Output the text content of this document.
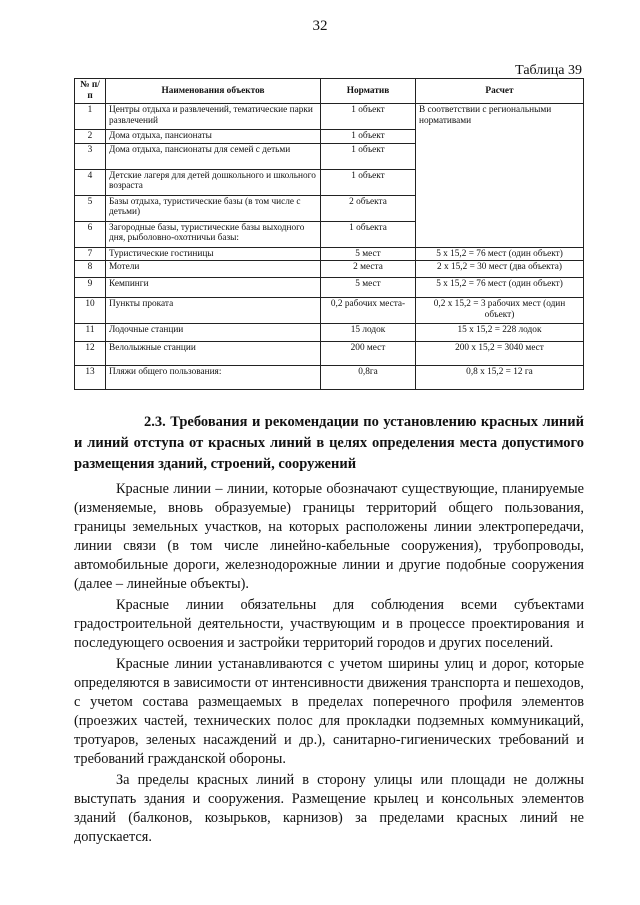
32
Таблица 39
№ п/п	Наименования объектов	Норматив	Расчет
1	Центры отдыха и развлечений, тематические парки развлечений	1 объект	В соответствии с региональными нормативами
2	Дома отдыха, пансионаты	1 объект	
3	Дома отдыха, пансионаты для семей с детьми	1 объект	
4	Детские лагеря для детей дошкольного и школьного возраста	1 объект	
5	Базы отдыха, туристические базы (в том числе с детьми)	2 объекта	
6	Загородные базы, туристические базы выходного дня, рыболовно-охотничьи базы:	1 объекта	
7	Туристические гостиницы	5 мест	5 х 15,2 = 76 мест (один объект)
8	Мотели	2 места	2 х 15,2 = 30 мест (два объекта)
9	Кемпинги	5 мест	5 х 15,2 = 76 мест (один объект)
10	Пункты проката	0,2 рабочих места-	0,2 х 15,2 = 3 рабочих мест (один объект)
11	Лодочные станции	15 лодок	15 х 15,2 = 228 лодок
12	Велолыжные станции	200 мест	200 х 15,2 = 3040 мест
13	Пляжи общего пользования:	0,8га	0,8 х 15,2 = 12 га
2.3. Требования и рекомендации по установлению красных линий и линий отступа от красных линий в целях определения места допустимого размещения зданий, строений, сооружений

Красные линии – линии, которые обозначают существующие, планируемые (изменяемые, вновь образуемые) границы территорий общего пользования, границы земельных участков, на которых расположены линии электропередачи, линии связи (в том числе линейно-кабельные сооружения), трубопроводы, автомобильные дороги, железнодорожные линии и другие подобные сооружения (далее – линейные объекты).

Красные линии обязательны для соблюдения всеми субъектами градостроительной деятельности, участвующим и в процессе проектирования и последующего освоения и застройки территорий городов и других поселений.

Красные линии устанавливаются с учетом ширины улиц и дорог, которые определяются в зависимости от интенсивности движения транспорта и пешеходов, с учетом состава размещаемых в пределах поперечного профиля элементов (проезжих частей, технических полос для прокладки подземных коммуникаций, тротуаров, зеленых насаждений и др.), санитарно-гигиенических требований и требований гражданской обороны.

За пределы красных линий в сторону улицы или площади не должны выступать здания и сооружения. Размещение крылец и консольных элементов зданий (балконов, козырьков, карнизов) за пределами красных линий не допускается.
